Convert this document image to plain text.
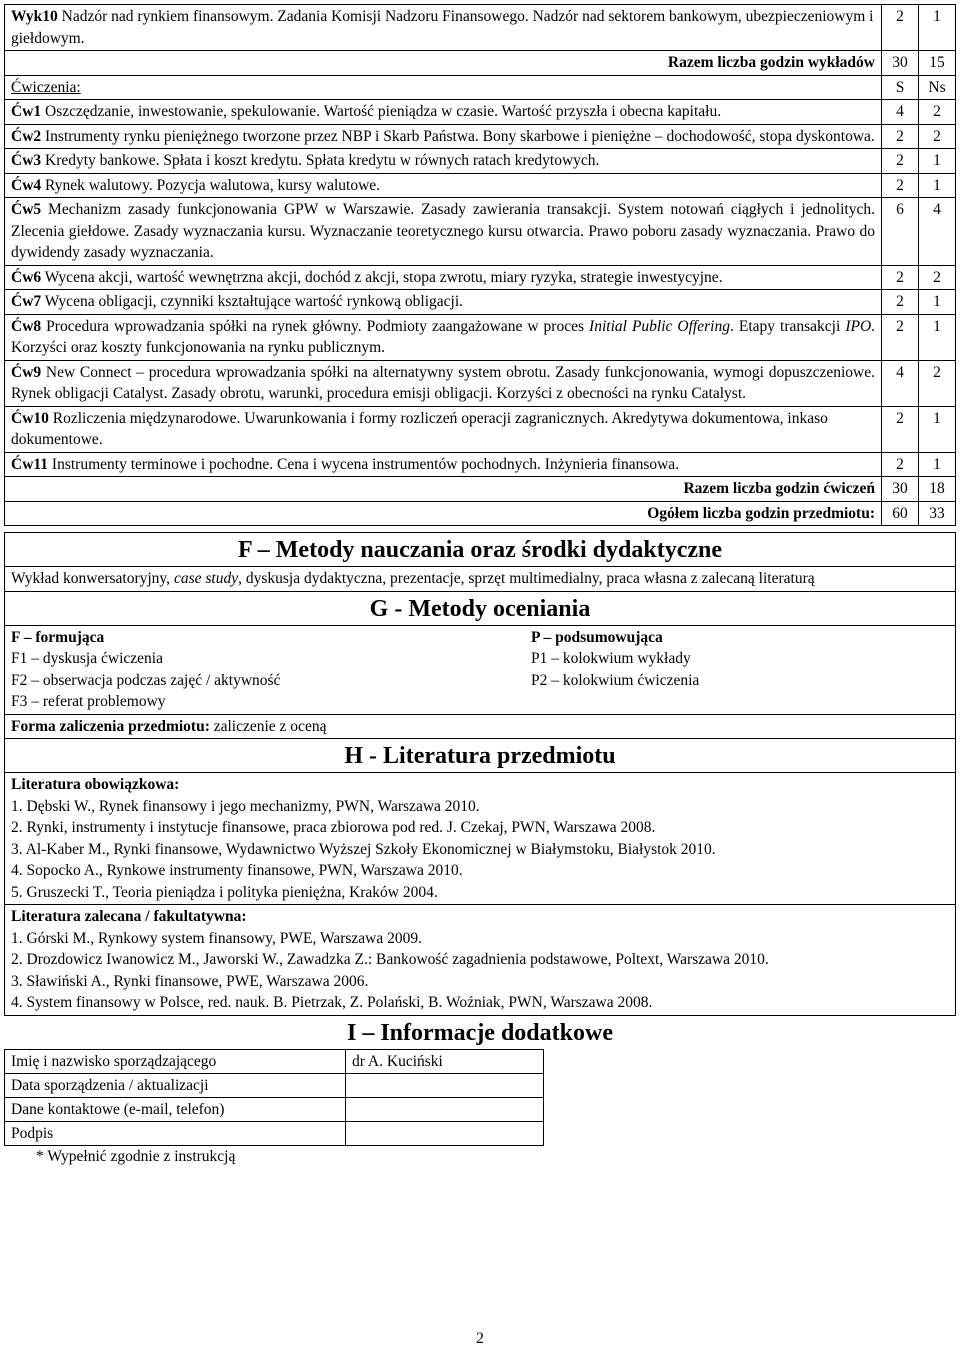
Wyk10 Nadzór nad rynkiem finansowym. Zadania Komisji Nadzoru Finansowego. Nadzór nad sektorem bankowym, ubezpieczeniowym i giełdowym.	2	1
Razem liczba godzin wykładów	30	15
Ćwiczenia:	S	Ns
Ćw1 Oszczędzanie, inwestowanie, spekulowanie. Wartość pieniądza w czasie. Wartość przyszła i obecna kapitału.	4	2
Ćw2 Instrumenty rynku pieniężnego tworzone przez NBP i Skarb Państwa. Bony skarbowe i pieniężne – dochodowość, stopa dyskontowa.	2	2
Ćw3 Kredyty bankowe. Spłata i koszt kredytu. Spłata kredytu w równych ratach kredytowych.	2	1
Ćw4 Rynek walutowy. Pozycja walutowa, kursy walutowe.	2	1
Ćw5 Mechanizm zasady funkcjonowania GPW w Warszawie. Zasady zawierania transakcji. System notowań ciągłych i jednolitych. Zlecenia giełdowe. Zasady wyznaczania kursu. Wyznaczanie teoretycznego kursu otwarcia. Prawo poboru zasady wyznaczania. Prawo do dywidendy zasady wyznaczania.	6	4
Ćw6 Wycena akcji, wartość wewnętrzna akcji, dochód z akcji, stopa zwrotu, miary ryzyka, strategie inwestycyjne.	2	2
Ćw7 Wycena obligacji, czynniki kształtujące wartość rynkową obligacji.	2	1
Ćw8 Procedura wprowadzania spółki na rynek główny. Podmioty zaangażowane w proces Initial Public Offering. Etapy transakcji IPO. Korzyści oraz koszty funkcjonowania na rynku publicznym.	2	1
Ćw9 New Connect – procedura wprowadzania spółki na alternatywny system obrotu. Zasady funkcjonowania, wymogi dopuszczeniowe. Rynek obligacji Catalyst. Zasady obrotu, warunki, procedura emisji obligacji. Korzyści z obecności na rynku Catalyst.	4	2
Ćw10 Rozliczenia międzynarodowe. Uwarunkowania i formy rozliczeń operacji zagranicznych. Akredytywa dokumentowa, inkaso dokumentowe.	2	1
Ćw11 Instrumenty terminowe i pochodne. Cena i wycena instrumentów pochodnych. Inżynieria finansowa.	2	1
Razem liczba godzin ćwiczeń	30	18
Ogółem liczba godzin przedmiotu:	60	33
F – Metody nauczania oraz środki dydaktyczne
Wykład konwersatoryjny, case study, dyskusja dydaktyczna, prezentacje, sprzęt multimedialny, praca własna z zalecaną literaturą
G - Metody oceniania
F – formująca
F1 – dyskusja ćwiczenia
F2 – obserwacja podczas zajęć / aktywność
F3 – referat problemowy
P – podsumowująca
P1 – kolokwium wykłady
P2 – kolokwium ćwiczenia
Forma zaliczenia przedmiotu: zaliczenie z oceną
H - Literatura przedmiotu
Literatura obowiązkowa:
1. Dębski W., Rynek finansowy i jego mechanizmy, PWN, Warszawa 2010.
2. Rynki, instrumenty i instytucje finansowe, praca zbiorowa pod red. J. Czekaj, PWN, Warszawa 2008.
3. Al-Kaber M., Rynki finansowe, Wydawnictwo Wyższej Szkoły Ekonomicznej w Białymstoku, Białystok 2010.
4. Sopocko A., Rynkowe instrumenty finansowe, PWN, Warszawa 2010.
5. Gruszecki T., Teoria pieniądza i polityka pieniężna, Kraków 2004.
Literatura zalecana / fakultatywna:
1. Górski M., Rynkowy system finansowy, PWE, Warszawa 2009.
2. Drozdowicz Iwanowicz M., Jaworski W., Zawadzka Z.: Bankowość zagadnienia podstawowe, Poltext, Warszawa 2010.
3. Sławiński A., Rynki finansowe, PWE, Warszawa 2006.
4. System finansowy w Polsce, red. nauk. B. Pietrzak, Z. Polański, B. Woźniak, PWN, Warszawa 2008.
I – Informacje dodatkowe
Imię i nazwisko sporządzającego	dr A. Kuciński
Data sporządzenia / aktualizacji	
Dane kontaktowe (e-mail, telefon)	
Podpis	
* Wypełnić zgodnie z instrukcją
2
